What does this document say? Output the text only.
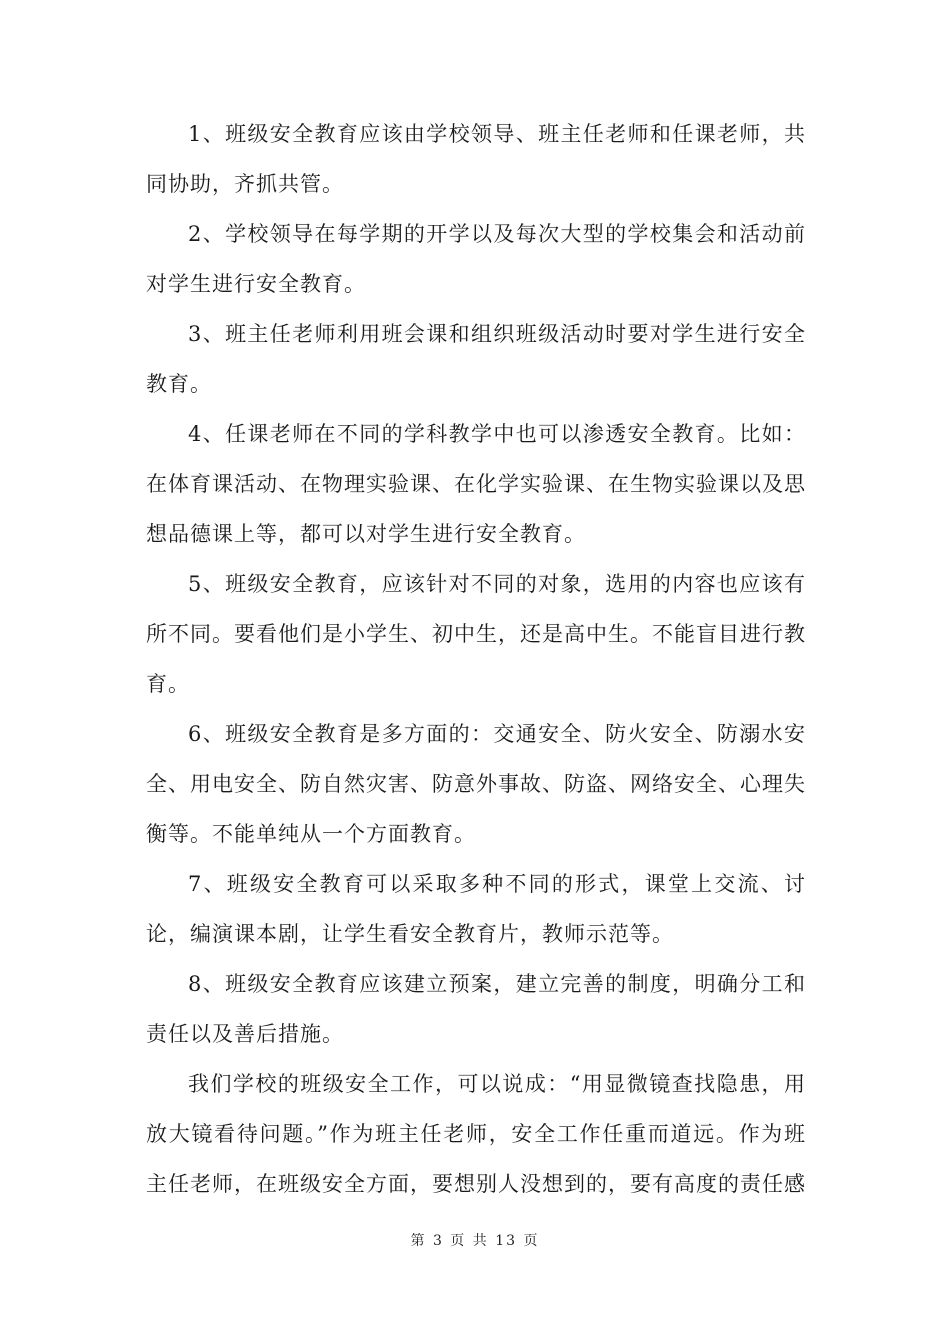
1、班级安全教育应该由学校领导、班主任老师和任课老师，共同协助，齐抓共管。

2、学校领导在每学期的开学以及每次大型的学校集会和活动前对学生进行安全教育。

3、班主任老师利用班会课和组织班级活动时要对学生进行安全教育。

4、任课老师在不同的学科教学中也可以渗透安全教育。比如：在体育课活动、在物理实验课、在化学实验课、在生物实验课以及思想品德课上等，都可以对学生进行安全教育。

5、班级安全教育，应该针对不同的对象，选用的内容也应该有所不同。要看他们是小学生、初中生，还是高中生。不能盲目进行教育。

6、班级安全教育是多方面的：交通安全、防火安全、防溺水安全、用电安全、防自然灾害、防意外事故、防盗、网络安全、心理失衡等。不能单纯从一个方面教育。

7、班级安全教育可以采取多种不同的形式，课堂上交流、讨论，编演课本剧，让学生看安全教育片，教师示范等。

8、班级安全教育应该建立预案，建立完善的制度，明确分工和责任以及善后措施。

我们学校的班级安全工作，可以说成：“用显微镜查找隐患，用放大镜看待问题。”作为班主任老师，安全工作任重而道远。作为班主任老师，在班级安全方面，要想别人没想到的，要有高度的责任感

第 3 页 共 13 页
